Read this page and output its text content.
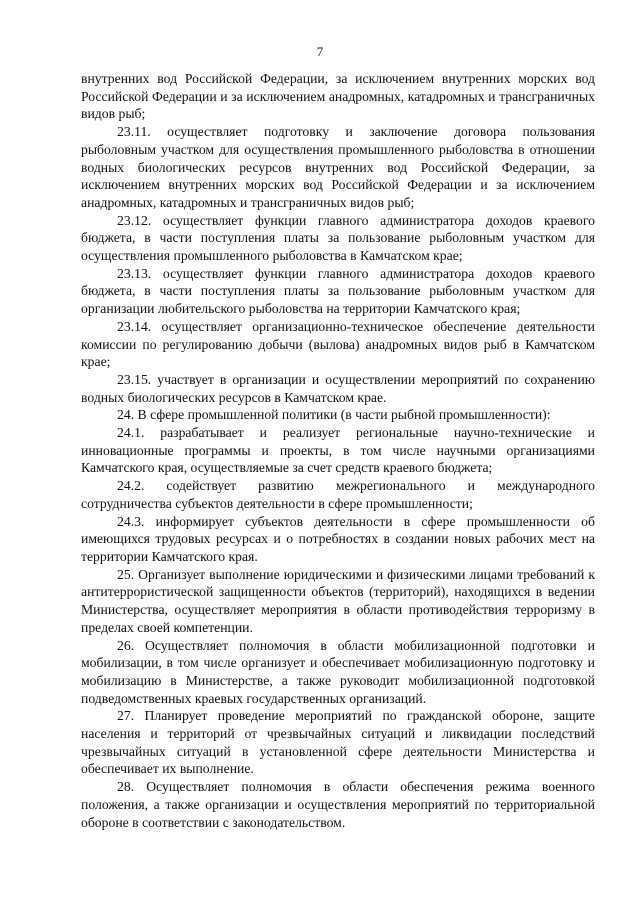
7

внутренних вод Российской Федерации, за исключением внутренних морских вод Российской Федерации и за исключением анадромных, катадромных и трансграничных видов рыб;

23.11. осуществляет подготовку и заключение договора пользования рыболовным участком для осуществления промышленного рыболовства в отношении водных биологических ресурсов внутренних вод Российской Федерации, за исключением внутренних морских вод Российской Федерации и за исключением анадромных, катадромных и трансграничных видов рыб;

23.12. осуществляет функции главного администратора доходов краевого бюджета, в части поступления платы за пользование рыболовным участком для осуществления промышленного рыболовства в Камчатском крае;

23.13. осуществляет функции главного администратора доходов краевого бюджета, в части поступления платы за пользование рыболовным участком для организации любительского рыболовства на территории Камчатского края;

23.14. осуществляет организационно-техническое обеспечение деятельности комиссии по регулированию добычи (вылова) анадромных видов рыб в Камчатском крае;

23.15. участвует в организации и осуществлении мероприятий по сохранению водных биологических ресурсов в Камчатском крае.

24. В сфере промышленной политики (в части рыбной промышленности):

24.1. разрабатывает и реализует региональные научно-технические и инновационные программы и проекты, в том числе научными организациями Камчатского края, осуществляемые за счет средств краевого бюджета;

24.2. содействует развитию межрегионального и международного сотрудничества субъектов деятельности в сфере промышленности;

24.3. информирует субъектов деятельности в сфере промышленности об имеющихся трудовых ресурсах и о потребностях в создании новых рабочих мест на территории Камчатского края.

25. Организует выполнение юридическими и физическими лицами требований к антитеррористической защищенности объектов (территорий), находящихся в ведении Министерства, осуществляет мероприятия в области противодействия терроризму в пределах своей компетенции.

26. Осуществляет полномочия в области мобилизационной подготовки и мобилизации, в том числе организует и обеспечивает мобилизационную подготовку и мобилизацию в Министерстве, а также руководит мобилизационной подготовкой подведомственных краевых государственных организаций.

27. Планирует проведение мероприятий по гражданской обороне, защите населения и территорий от чрезвычайных ситуаций и ликвидации последствий чрезвычайных ситуаций в установленной сфере деятельности Министерства и обеспечивает их выполнение.

28. Осуществляет полномочия в области обеспечения режима военного положения, а также организации и осуществления мероприятий по территориальной обороне в соответствии с законодательством.
